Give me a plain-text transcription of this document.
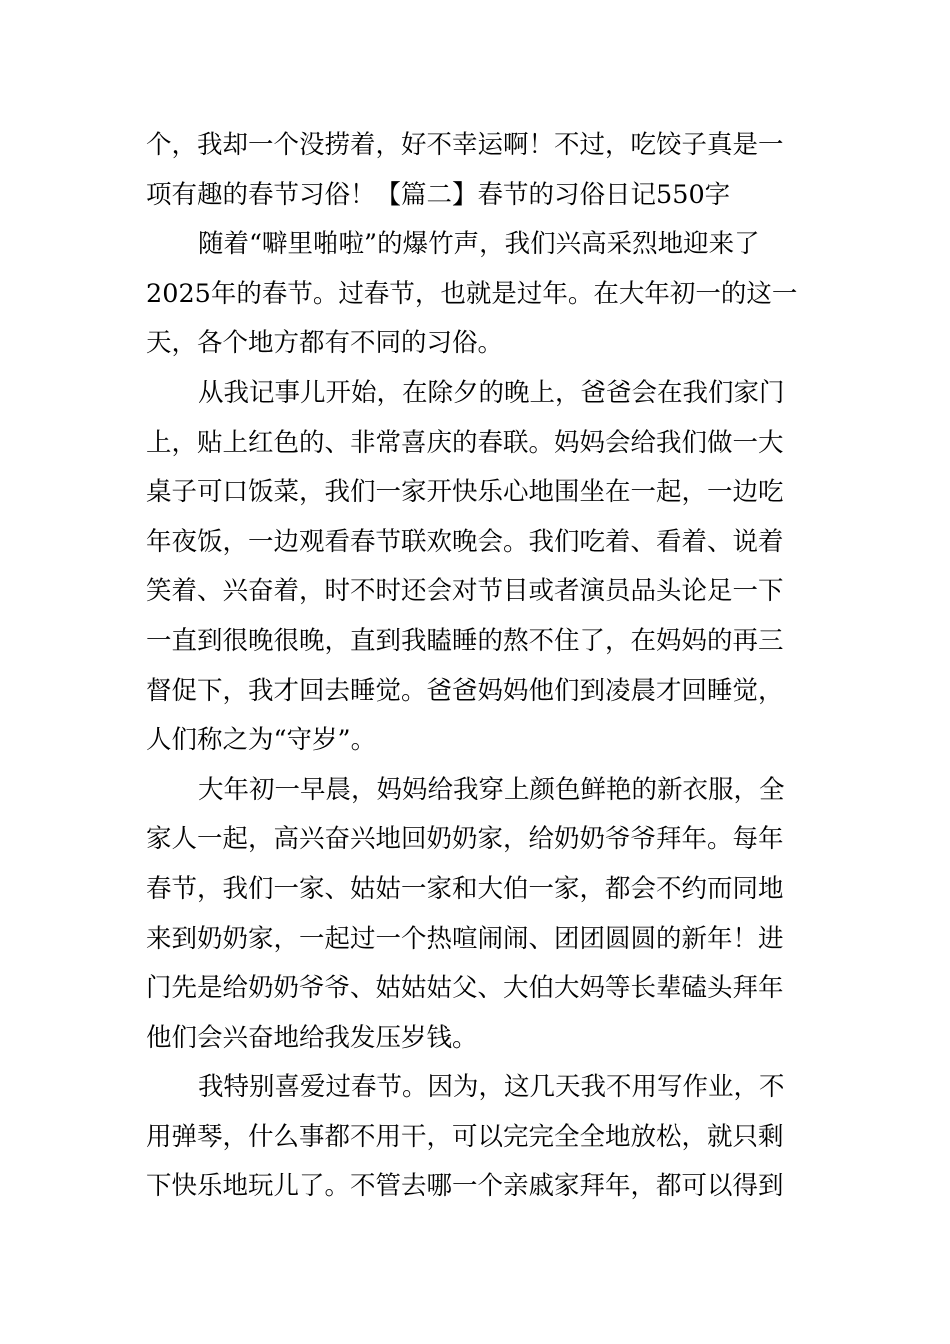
个，我却一个没捞着，好不幸运啊！不过，吃饺子真是一
项有趣的春节习俗！【篇二】春节的习俗日记550字
随着“噼里啪啦”的爆竹声，我们兴高采烈地迎来了
2025年的春节。过春节，也就是过年。在大年初一的这一
天，各个地方都有不同的习俗。
从我记事儿开始，在除夕的晚上，爸爸会在我们家门
上，贴上红色的、非常喜庆的春联。妈妈会给我们做一大
桌子可口饭菜，我们一家开快乐心地围坐在一起，一边吃
年夜饭，一边观看春节联欢晚会。我们吃着、看着、说着
笑着、兴奋着，时不时还会对节目或者演员品头论足一下
一直到很晚很晚，直到我瞌睡的熬不住了，在妈妈的再三
督促下，我才回去睡觉。爸爸妈妈他们到凌晨才回睡觉，
人们称之为“守岁”。
大年初一早晨，妈妈给我穿上颜色鲜艳的新衣服，全
家人一起，高兴奋兴地回奶奶家，给奶奶爷爷拜年。每年
春节，我们一家、姑姑一家和大伯一家，都会不约而同地
来到奶奶家，一起过一个热喧闹闹、团团圆圆的新年！进
门先是给奶奶爷爷、姑姑姑父、大伯大妈等长辈磕头拜年
他们会兴奋地给我发压岁钱。
我特别喜爱过春节。因为，这几天我不用写作业，不
用弹琴，什么事都不用干，可以完完全全地放松，就只剩
下快乐地玩儿了。不管去哪一个亲戚家拜年，都可以得到
